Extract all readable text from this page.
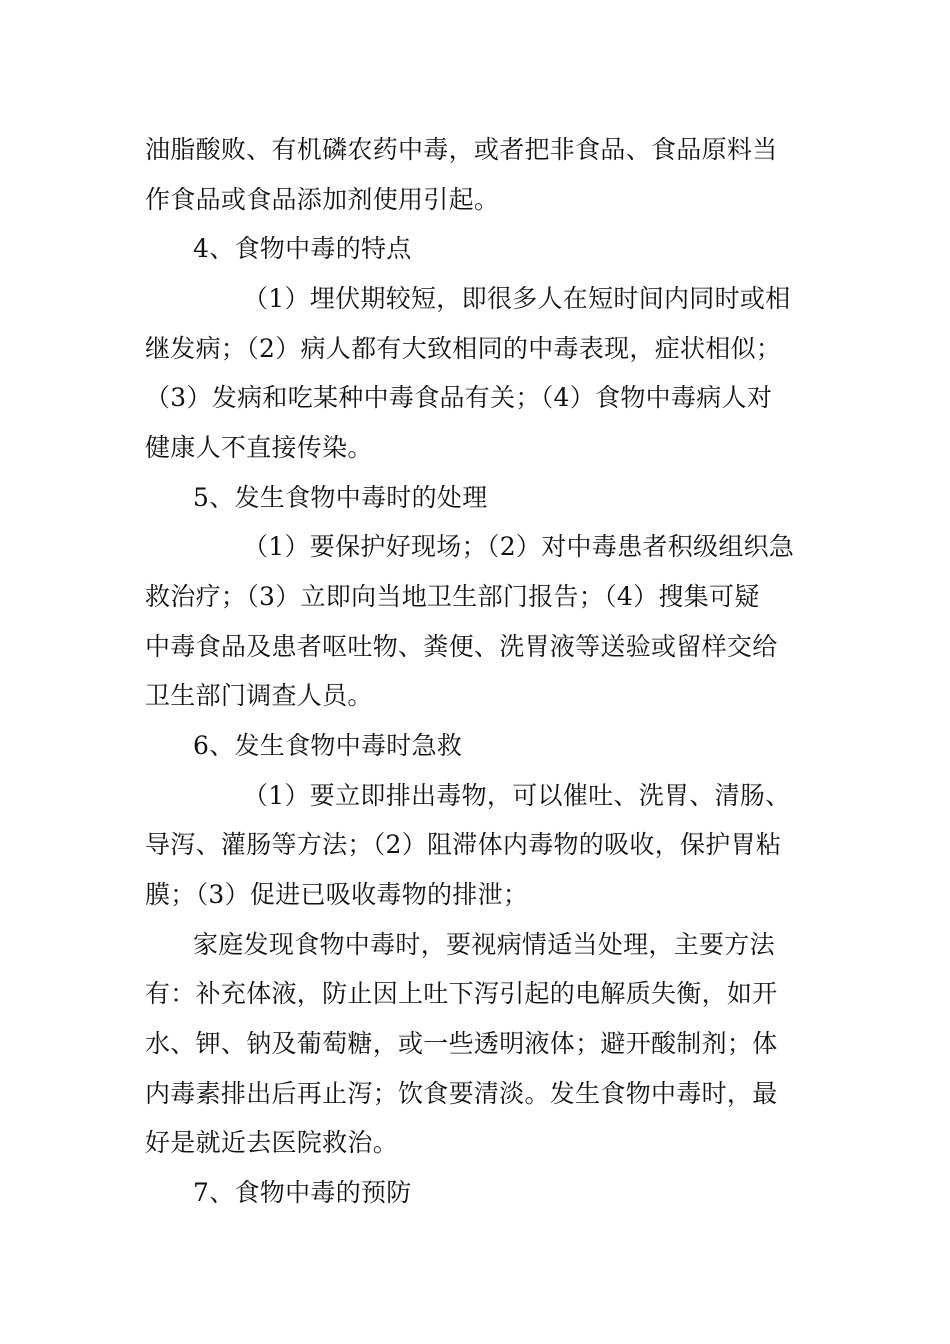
油脂酸败、有机磷农药中毒，或者把非食品、食品原料当
作食品或食品添加剂使用引起。
4、食物中毒的特点
（1）埋伏期较短，即很多人在短时间内同时或相
继发病；（2）病人都有大致相同的中毒表现，症状相似；
（3）发病和吃某种中毒食品有关；（4）食物中毒病人对
健康人不直接传染。
5、发生食物中毒时的处理
（1）要保护好现场；（2）对中毒患者积级组织急
救治疗；（3）立即向当地卫生部门报告；（4）搜集可疑
中毒食品及患者呕吐物、粪便、洗胃液等送验或留样交给
卫生部门调查人员。
6、发生食物中毒时急救
（1）要立即排出毒物，可以催吐、洗胃、清肠、
导泻、灌肠等方法；（2）阻滞体内毒物的吸收，保护胃粘
膜；（3）促进已吸收毒物的排泄；
家庭发现食物中毒时，要视病情适当处理，主要方法
有：补充体液，防止因上吐下泻引起的电解质失衡，如开
水、钾、钠及葡萄糖，或一些透明液体；避开酸制剂；体
内毒素排出后再止泻；饮食要清淡。发生食物中毒时，最
好是就近去医院救治。
7、食物中毒的预防
